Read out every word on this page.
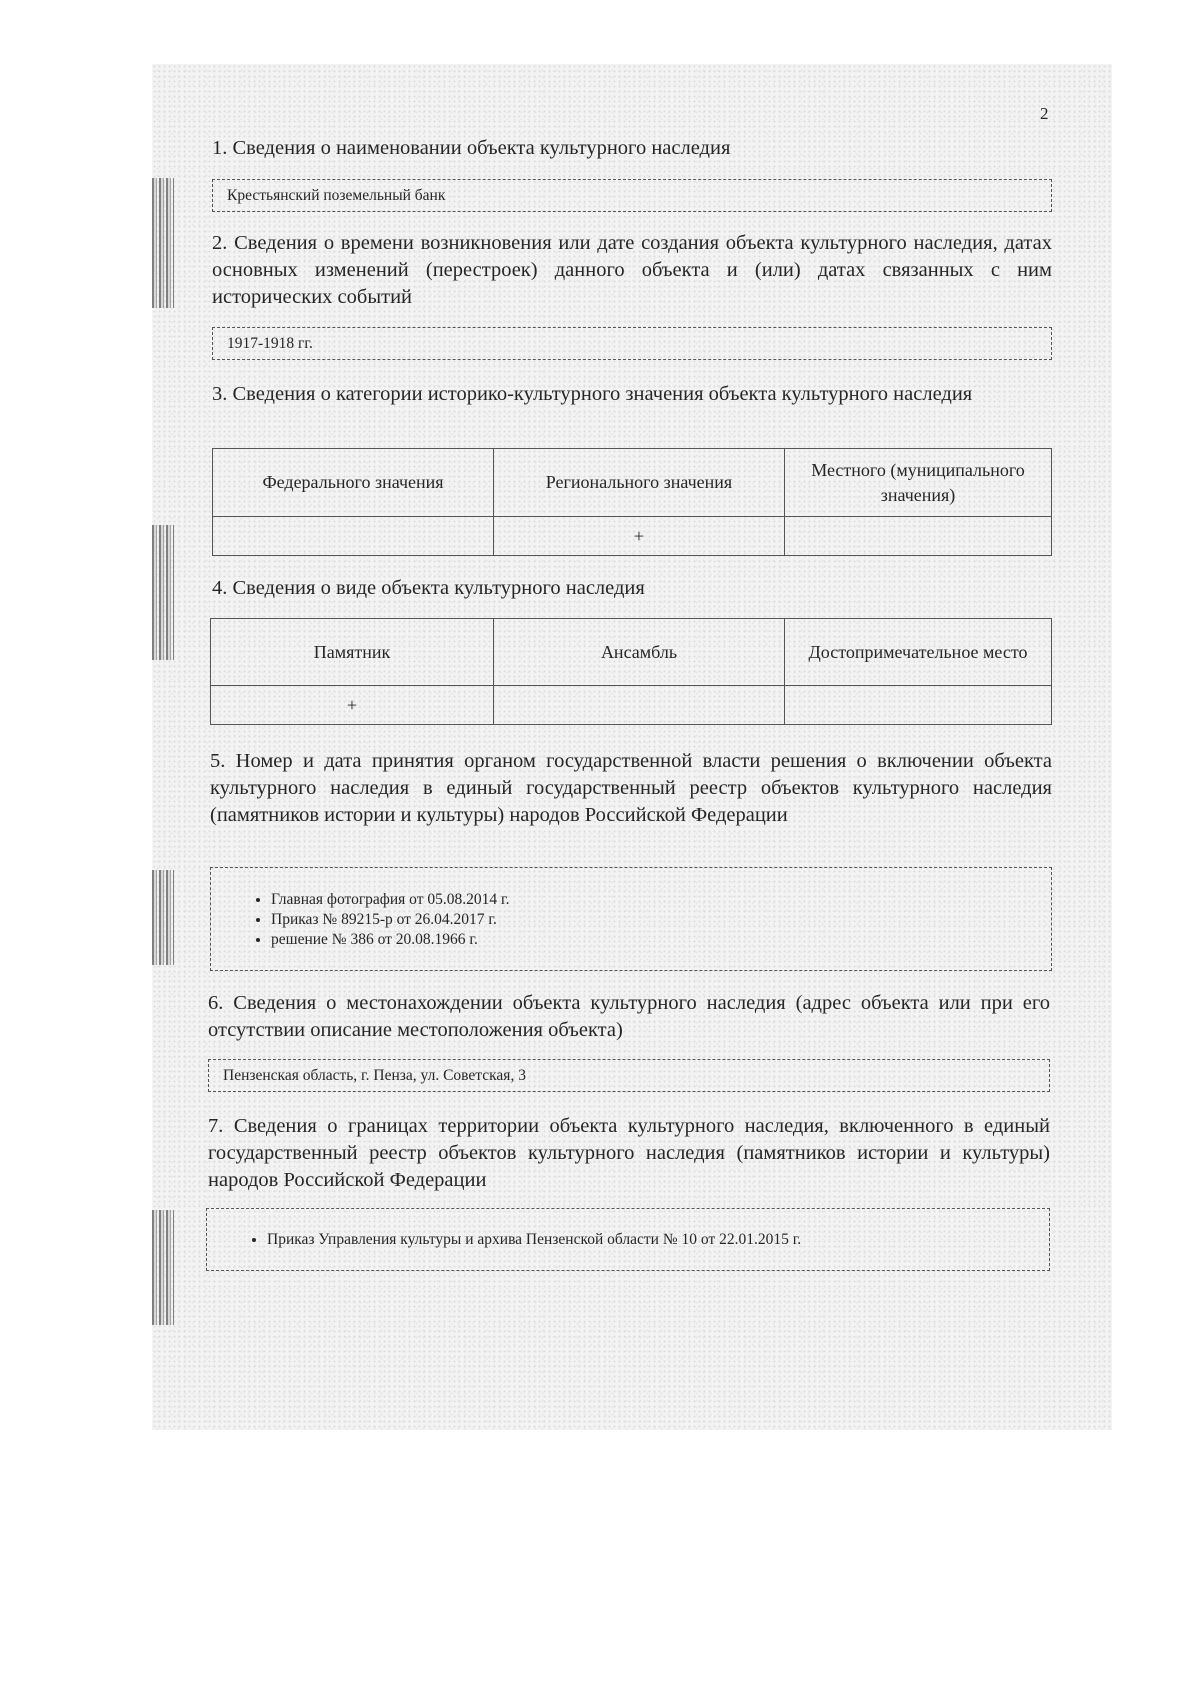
2
1. Сведения о наименовании объекта культурного наследия
Крестьянский поземельный банк
2. Сведения о времени возникновения или дате создания объекта культурного наследия, датах основных изменений (перестроек) данного объекта и (или) датах связанных с ним исторических событий
1917-1918 гг.
3. Сведения о категории историко-культурного значения объекта культурного наследия
Федерального значения	Регионального значения	Местного (муниципального значения)
	+	
4. Сведения о виде объекта культурного наследия
Памятник	Ансамбль	Достопримечательное место
+		
5. Номер и дата принятия органом государственной власти решения о включении объекта культурного наследия в единый государственный реестр объектов культурного наследия (памятников истории и культуры) народов Российской Федерации
• Главная фотография от 05.08.2014 г.
• Приказ № 89215-р от 26.04.2017 г.
• решение № 386 от 20.08.1966 г.
6. Сведения о местонахождении объекта культурного наследия (адрес объекта или при его отсутствии описание местоположения объекта)
Пензенская область, г. Пенза, ул. Советская, 3
7. Сведения о границах территории объекта культурного наследия, включенного в единый государственный реестр объектов культурного наследия (памятников истории и культуры) народов Российской Федерации
• Приказ Управления культуры и архива Пензенской области № 10 от 22.01.2015 г.
